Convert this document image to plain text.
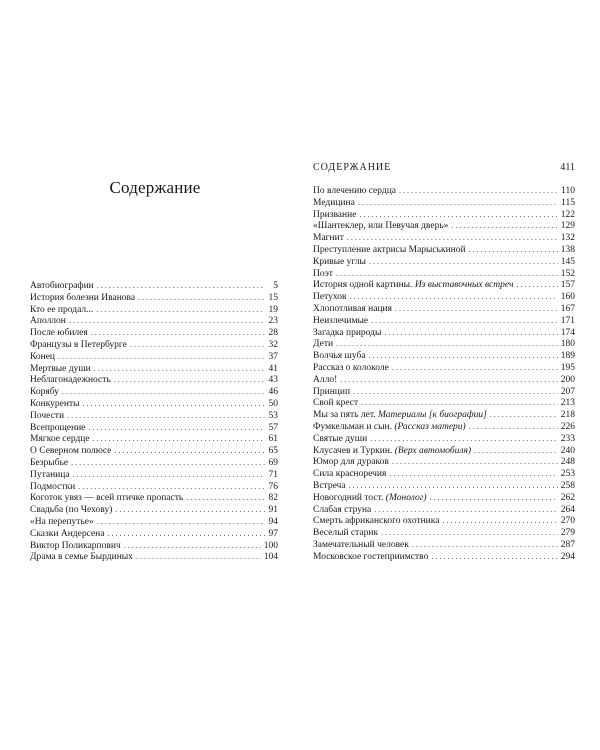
Содержание
Автобиографии . . .	5
История болезни Иванова . . .	15
Кто ее продал... . . .	19
Аполлон . . .	23
После юбилея . . .	28
Французы в Петербурге . . .	32
Конец . . .	37
Мертвые души . . .	41
Неблагонадежность . . .	43
Корябу . . .	46
Конкуренты . . .	50
Почести . . .	53
Всепрощение . . .	57
Мягкое сердце . . .	61
О Северном полюсе . . .	65
Безрыбье . . .	69
Путаница . . .	71
Подмостки . . .	76
Коготок увяз — всей птичке пропасть . . .	82
Свадьба (по Чехову) . . .	91
«На перепутье» . . .	94
Сказки Андерсена . . .	97
Виктор Поликарпович . . .	100
Драма в семье Бырдиных . . .	104
СОДЕРЖАНИЕ	411
По влечению сердца . . .	110
Медицина . . .	115
Призвание . . .	122
«Шантеклер, или Певучая дверь» . . .	129
Магнит . . .	132
Преступление актрисы Марыськиной . . .	138
Кривые углы . . .	145
Поэт . . .	152
История одной картины. Из выставочных встреч . . .	157
Петухов . . .	160
Хлопотливая нация . . .	167
Неизлечимые . . .	171
Загадка природы . . .	174
Дети . . .	180
Волчья шуба . . .	189
Рассказ о колоколе . . .	195
Алло! . . .	200
Принцип . . .	207
Свой крест . . .	213
Мы за пять лет. Материалы [к биографии] . . .	218
Фумкельман и сын. (Рассказ матери) . . .	226
Святые души . . .	233
Клусачев и Туркин. (Верх автомобиля) . . .	240
Юмор для дураков . . .	248
Сила красноречия . . .	253
Встреча . . .	258
Новогодний тост. (Монолог) . . .	262
Слабая струна . . .	264
Смерть африканского охотника . . .	270
Веселый старик . . .	279
Замечательный человек . . .	287
Московское гостеприимство . . .	294
